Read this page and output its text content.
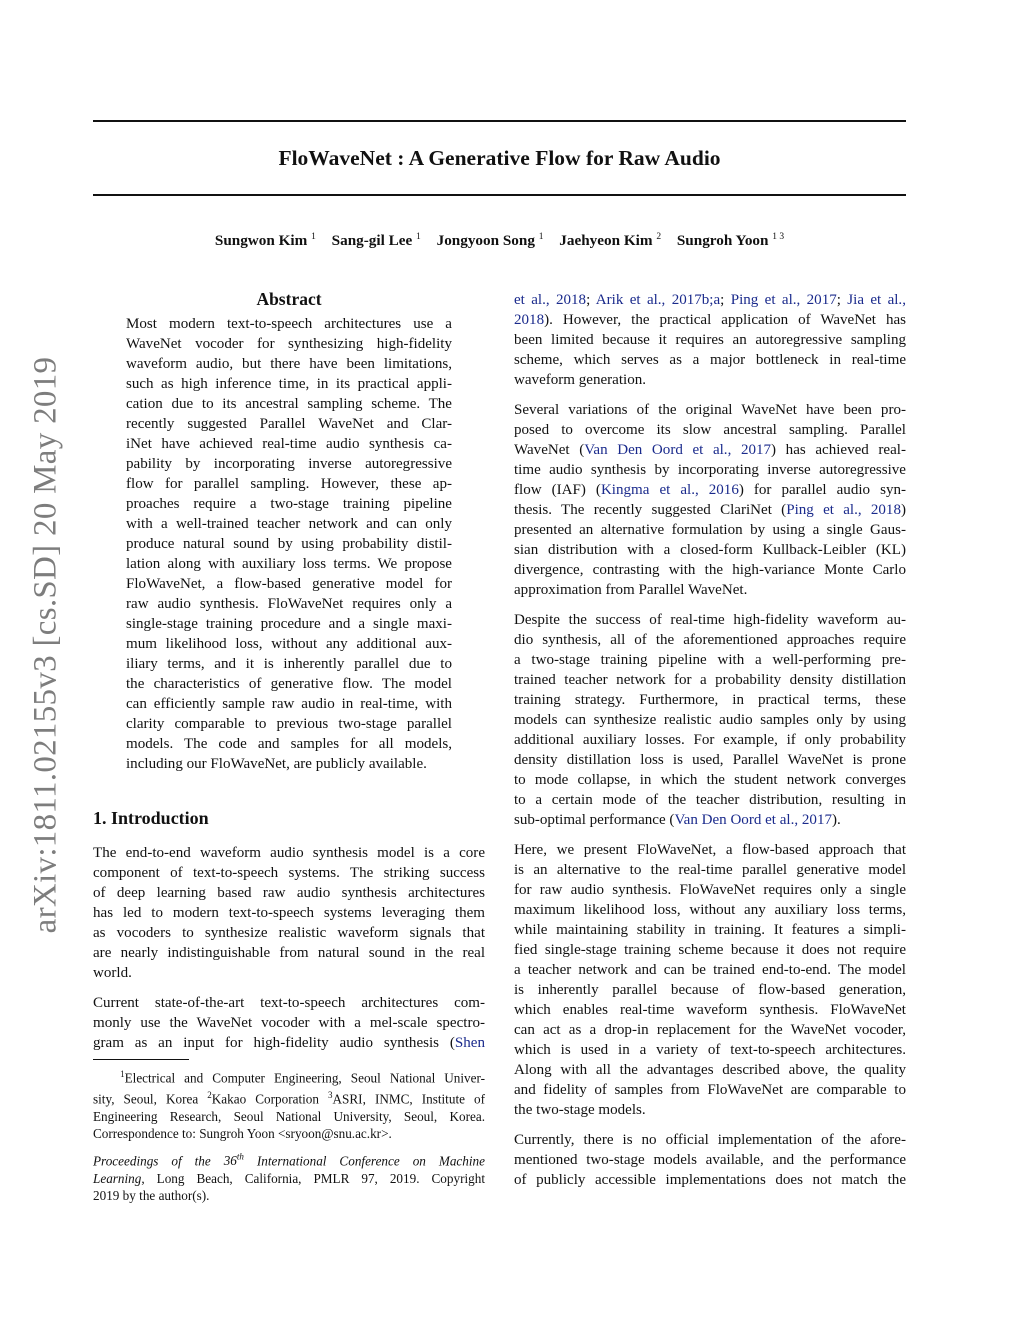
FloWaveNet : A Generative Flow for Raw Audio
Sungwon Kim $^1$ Sang-gil Lee $^1$ Jongyoon Song $^1$ Jaehyeon Kim $^2$ Sungroh Yoon $^{1 3}$
arXiv:1811.02155v3 [cs.SD] 20 May 2019
Abstract

Most modern text-to-speech architectures use a

WaveNet vocoder for synthesizing high-fidelity

waveform audio, but there have been limitations,

such as high inference time, in its practical appli-

cation due to its ancestral sampling scheme. The

recently suggested Parallel WaveNet and Clar-

iNet have achieved real-time audio synthesis ca-

pability by incorporating inverse autoregressive

flow for parallel sampling. However, these ap-

proaches require a two-stage training pipeline

with a well-trained teacher network and can only

produce natural sound by using probability distil-

lation along with auxiliary loss terms. We propose

FloWaveNet, a flow-based generative model for

raw audio synthesis. FloWaveNet requires only a

single-stage training procedure and a single maxi-

mum likelihood loss, without any additional aux-

iliary terms, and it is inherently parallel due to

the characteristics of generative flow. The model

can efficiently sample raw audio in real-time, with

clarity comparable to previous two-stage parallel

models. The code and samples for all models,

including our FloWaveNet, are publicly available.

1. Introduction

The end-to-end waveform audio synthesis model is a core

component of text-to-speech systems. The striking success

of deep learning based raw audio synthesis architectures

has led to modern text-to-speech systems leveraging them

as vocoders to synthesize realistic waveform signals that

are nearly indistinguishable from natural sound in the real

world.

Current state-of-the-art text-to-speech architectures com-

monly use the WaveNet vocoder with a mel-scale spectro-

gram as an input for high-fidelity audio synthesis (Shen

$^1$Electrical and Computer Engineering, Seoul National Univer-

sity, Seoul, Korea $^2$Kakao Corporation $^3$ASRI, INMC, Institute of

Engineering Research, Seoul National University, Seoul, Korea.

Correspondence to: Sungroh Yoon <sryoon@snu.ac.kr>.

Proceedings of the 36th International Conference on Machine

Learning, Long Beach, California, PMLR 97, 2019. Copyright

2019 by the author(s).

et al., 2018; Arik et al., 2017b;a; Ping et al., 2017; Jia et al.,

2018). However, the practical application of WaveNet has

been limited because it requires an autoregressive sampling

scheme, which serves as a major bottleneck in real-time

waveform generation.

Several variations of the original WaveNet have been pro-

posed to overcome its slow ancestral sampling. Parallel

WaveNet (Van Den Oord et al., 2017) has achieved real-

time audio synthesis by incorporating inverse autoregressive

flow (IAF) (Kingma et al., 2016) for parallel audio syn-

thesis. The recently suggested ClariNet (Ping et al., 2018)

presented an alternative formulation by using a single Gaus-

sian distribution with a closed-form Kullback-Leibler (KL)

divergence, contrasting with the high-variance Monte Carlo

approximation from Parallel WaveNet.

Despite the success of real-time high-fidelity waveform au-

dio synthesis, all of the aforementioned approaches require

a two-stage training pipeline with a well-performing pre-

trained teacher network for a probability density distillation

training strategy. Furthermore, in practical terms, these

models can synthesize realistic audio samples only by using

additional auxiliary losses. For example, if only probability

density distillation loss is used, Parallel WaveNet is prone

to mode collapse, in which the student network converges

to a certain mode of the teacher distribution, resulting in

sub-optimal performance (Van Den Oord et al., 2017).

Here, we present FloWaveNet, a flow-based approach that

is an alternative to the real-time parallel generative model

for raw audio synthesis. FloWaveNet requires only a single

maximum likelihood loss, without any auxiliary loss terms,

while maintaining stability in training. It features a simpli-

fied single-stage training scheme because it does not require

a teacher network and can be trained end-to-end. The model

is inherently parallel because of flow-based generation,

which enables real-time waveform synthesis. FloWaveNet

can act as a drop-in replacement for the WaveNet vocoder,

which is used in a variety of text-to-speech architectures.

Along with all the advantages described above, the quality

and fidelity of samples from FloWaveNet are comparable to

the two-stage models.

Currently, there is no official implementation of the afore-

mentioned two-stage models available, and the performance

of publicly accessible implementations does not match the
